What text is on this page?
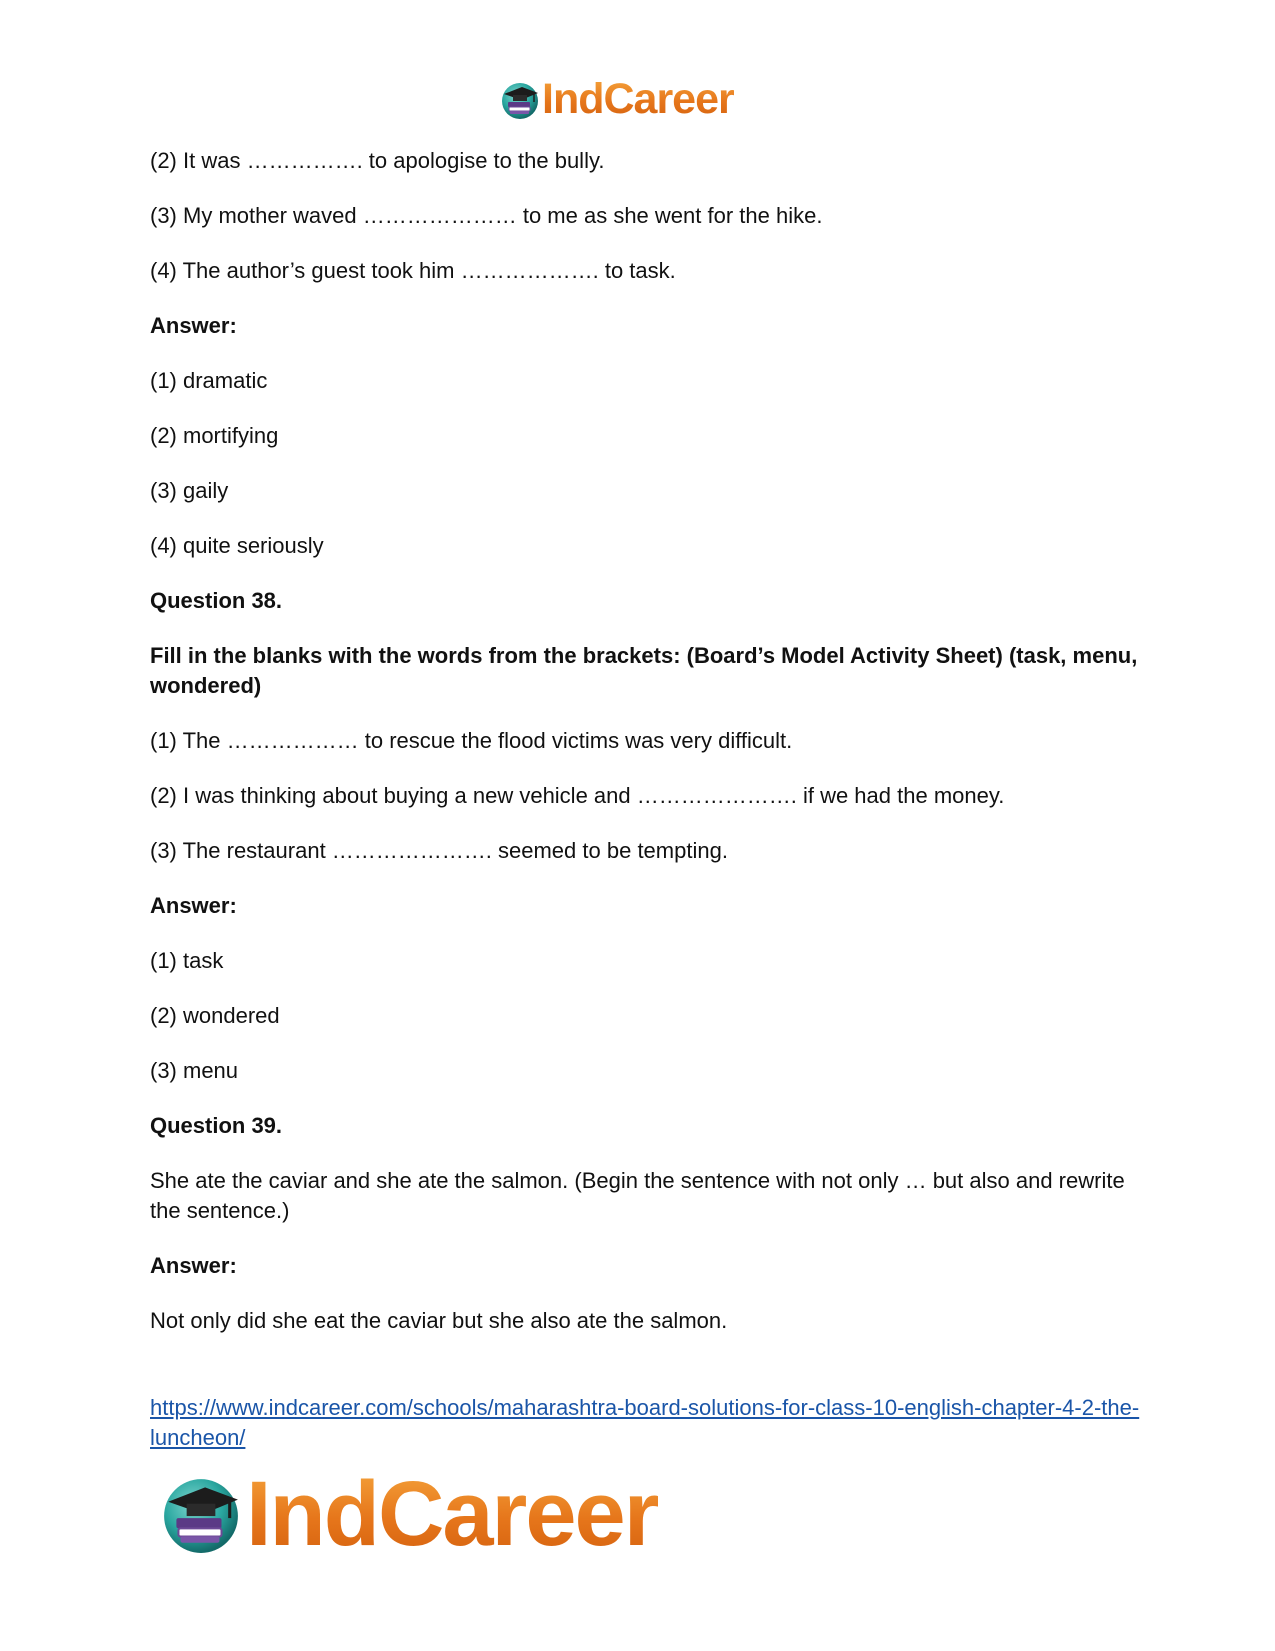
IndCareer

(2) It was ……………. to apologise to the bully.

(3) My mother waved ………………… to me as she went for the hike.

(4) The author’s guest took him ………………. to task.

Answer:

(1) dramatic

(2) mortifying

(3) gaily

(4) quite seriously

Question 38.

Fill in the blanks with the words from the brackets: (Board’s Model Activity Sheet) (task, menu, wondered)

(1) The ……………… to rescue the flood victims was very difficult.

(2) I was thinking about buying a new vehicle and …………………. if we had the money.

(3) The restaurant …………………. seemed to be tempting.

Answer:

(1) task

(2) wondered

(3) menu

Question 39.

She ate the caviar and she ate the salmon. (Begin the sentence with not only … but also and rewrite the sentence.)

Answer:

Not only did she eat the caviar but she also ate the salmon.

https://www.indcareer.com/schools/maharashtra-board-solutions-for-class-10-english-chapter-4-2-the-luncheon/
IndCareer
